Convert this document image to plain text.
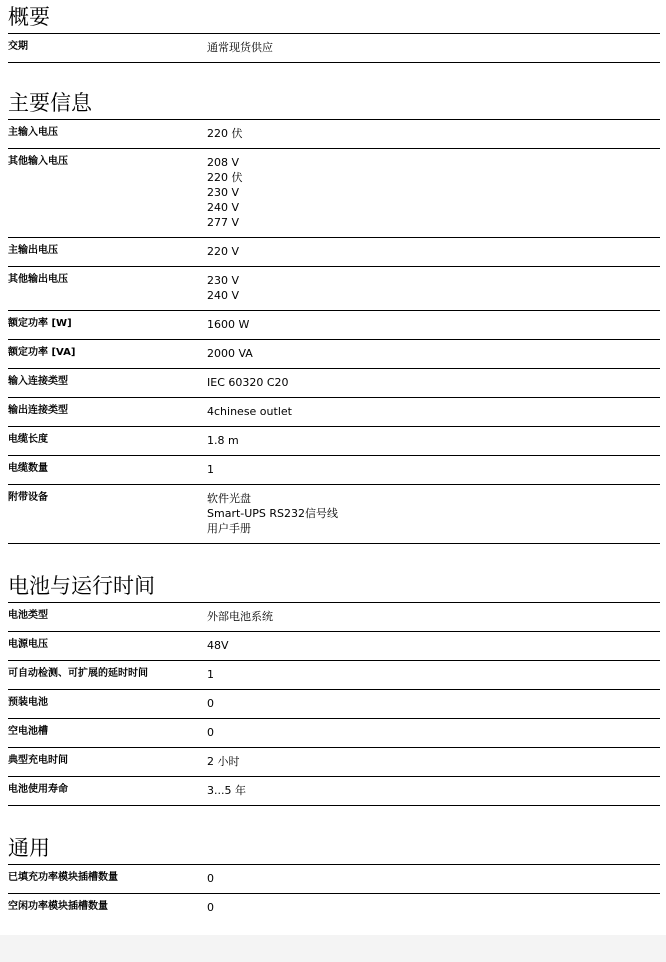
概要
交期	通常现货供应
主要信息
主输入电压	220 伏
其他输入电压	208 V
220 伏
230 V
240 V
277 V
主输出电压	220 V
其他输出电压	230 V
240 V
额定功率 [W]	1600 W
额定功率 [VA]	2000 VA
输入连接类型	IEC 60320 C20
输出连接类型	4chinese outlet
电缆长度	1.8 m
电缆数量	1
附带设备	软件光盘
Smart-UPS RS232信号线
用户手册
电池与运行时间
电池类型	外部电池系统
电源电压	48V
可自动检测、可扩展的延时时间	1
预装电池	0
空电池槽	0
典型充电时间	2 小时
电池使用寿命	3...5 年
通用
已填充功率模块插槽数量	0
空闲功率模块插槽数量	0
